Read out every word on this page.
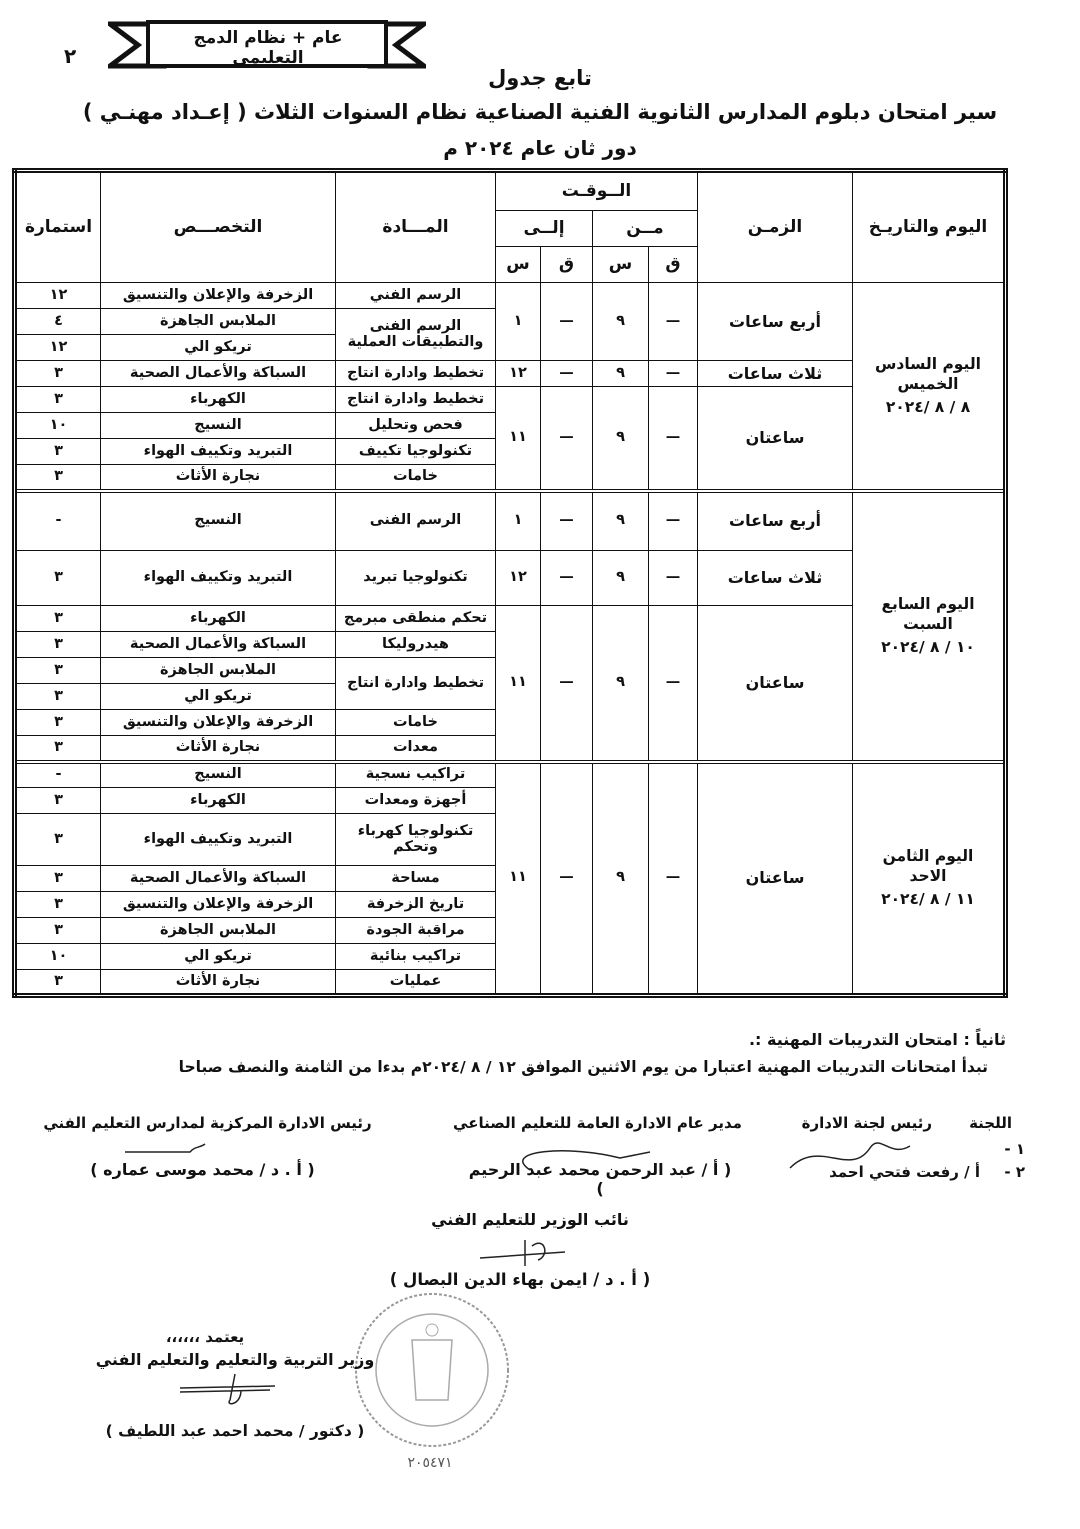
عام + نظام الدمج التعليمى
٢
تابع جدول
سير امتحان دبلوم المدارس الثانوية الفنية الصناعية نظام السنوات الثلاث ( إعـداد مهنـي )
دور ثان عام ٢٠٢٤ م
اليوم والتاريـخ	الزمـن	الــوقـت				المـــادة	التخصـــص	استمارة
		مــن		إلــى				
		ق	س	ق	س			

اليوم السادس
الخميس
٨ / ٨ /٢٠٢٤	أربع ساعات	—	٩	—	١	الرسم الفني	الزخرفة والإعلان والتنسيق	١٢
						الرسم الفنى والتطبيقات العملية	الملابس الجاهزة	٤
							تريكو الي	١٢
	ثلاث ساعات	—	٩	—	١٢	تخطيط وادارة انتاج	السباكة والأعمال الصحية	٣
	ساعتان	—	٩	—	١١	تخطيط وادارة انتاج	الكهرباء	٣
						فحص وتحليل	النسيج	١٠
						تكنولوجيا تكييف	التبريد وتكييف الهواء	٣
						خامات	نجارة الأثاث	٣

اليوم السابع
السبت
١٠ / ٨ /٢٠٢٤	أربع ساعات	—	٩	—	١	الرسم الفنى	النسيج	-
	ثلاث ساعات	—	٩	—	١٢	تكنولوجيا تبريد	التبريد وتكييف الهواء	٣
	ساعتان	—	٩	—	١١	تحكم منطقى مبرمج	الكهرباء	٣
						هيدروليكا	السباكة والأعمال الصحية	٣
						تخطيط وادارة انتاج	الملابس الجاهزة	٣
							تريكو الي	٣
						خامات	الزخرفة والإعلان والتنسيق	٣
						معدات	نجارة الأثاث	٣

اليوم الثامن
الاحد
١١ / ٨ /٢٠٢٤	ساعتان	—	٩	—	١١	تراكيب نسجية	النسيج	-
						أجهزة ومعدات	الكهرباء	٣
						تكنولوجيا كهرباء وتحكم	التبريد وتكييف الهواء	٣
						مساحة	السباكة والأعمال الصحية	٣
						تاريخ الزخرفة	الزخرفة والإعلان والتنسيق	٣
						مراقبة الجودة	الملابس الجاهزة	٣
						تراكيب بنائية	تريكو الي	١٠
						عمليات	نجارة الأثاث	٣
ثانياً : امتحان التدريبات المهنية :.
تبدأ امتحانات التدريبات المهنية اعتبارا من يوم الاثنين الموافق ١٢ / ٨ /٢٠٢٤م بدءا من الثامنة والنصف صباحا
اللجنة
رئيس لجنة الادارة
١ -
٢ -
أ / رفعت فتحي احمد
مدير عام الادارة العامة للتعليم الصناعي
( أ / عبد الرحمن محمد عبد الرحيم )
رئيس الادارة المركزية لمدارس التعليم الفني
( أ . د / محمد موسى عماره )
نائب الوزير للتعليم الفني
( أ . د / ايمن بهاء الدين البصال )
يعتمد ،،،،،،
وزير التربية والتعليم والتعليم الفني
( دكتور / محمد احمد عبد اللطيف )
٢٠٥٤٧١
